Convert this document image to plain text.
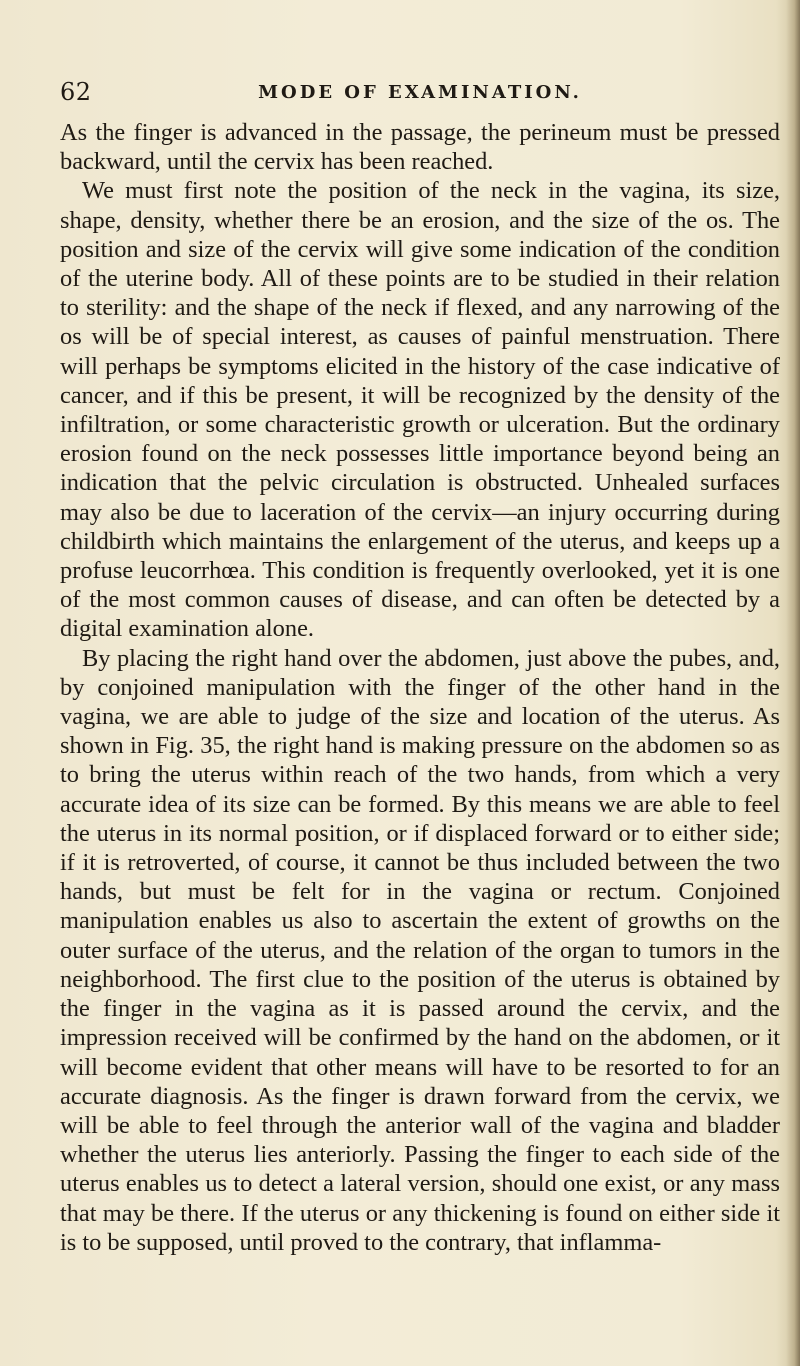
62	MODE OF EXAMINATION.

As the finger is advanced in the passage, the perineum must be pressed backward, until the cervix has been reached.

We must first note the position of the neck in the vagina, its size, shape, density, whether there be an erosion, and the size of the os. The position and size of the cervix will give some indication of the condition of the uterine body. All of these points are to be studied in their relation to sterility: and the shape of the neck if flexed, and any narrowing of the os will be of special interest, as causes of painful menstruation. There will perhaps be symptoms elicited in the history of the case indicative of cancer, and if this be present, it will be recognized by the density of the infiltration, or some characteristic growth or ulceration. But the ordinary erosion found on the neck possesses little importance beyond being an indication that the pelvic circulation is obstructed. Unhealed surfaces may also be due to laceration of the cervix—an injury occurring during childbirth which maintains the enlargement of the uterus, and keeps up a profuse leucorrhœa. This condition is frequently overlooked, yet it is one of the most common causes of disease, and can often be detected by a digital examination alone.

By placing the right hand over the abdomen, just above the pubes, and, by conjoined manipulation with the finger of the other hand in the vagina, we are able to judge of the size and location of the uterus. As shown in Fig. 35, the right hand is making pressure on the abdomen so as to bring the uterus within reach of the two hands, from which a very accurate idea of its size can be formed. By this means we are able to feel the uterus in its normal position, or if displaced forward or to either side; if it is retroverted, of course, it cannot be thus included between the two hands, but must be felt for in the vagina or rectum. Conjoined manipulation enables us also to ascertain the extent of growths on the outer surface of the uterus, and the relation of the organ to tumors in the neighborhood. The first clue to the position of the uterus is obtained by the finger in the vagina as it is passed around the cervix, and the impression received will be confirmed by the hand on the abdomen, or it will become evident that other means will have to be resorted to for an accurate diagnosis. As the finger is drawn forward from the cervix, we will be able to feel through the anterior wall of the vagina and bladder whether the uterus lies anteriorly. Passing the finger to each side of the uterus enables us to detect a lateral version, should one exist, or any mass that may be there. If the uterus or any thickening is found on either side it is to be supposed, until proved to the contrary, that inflamma-
